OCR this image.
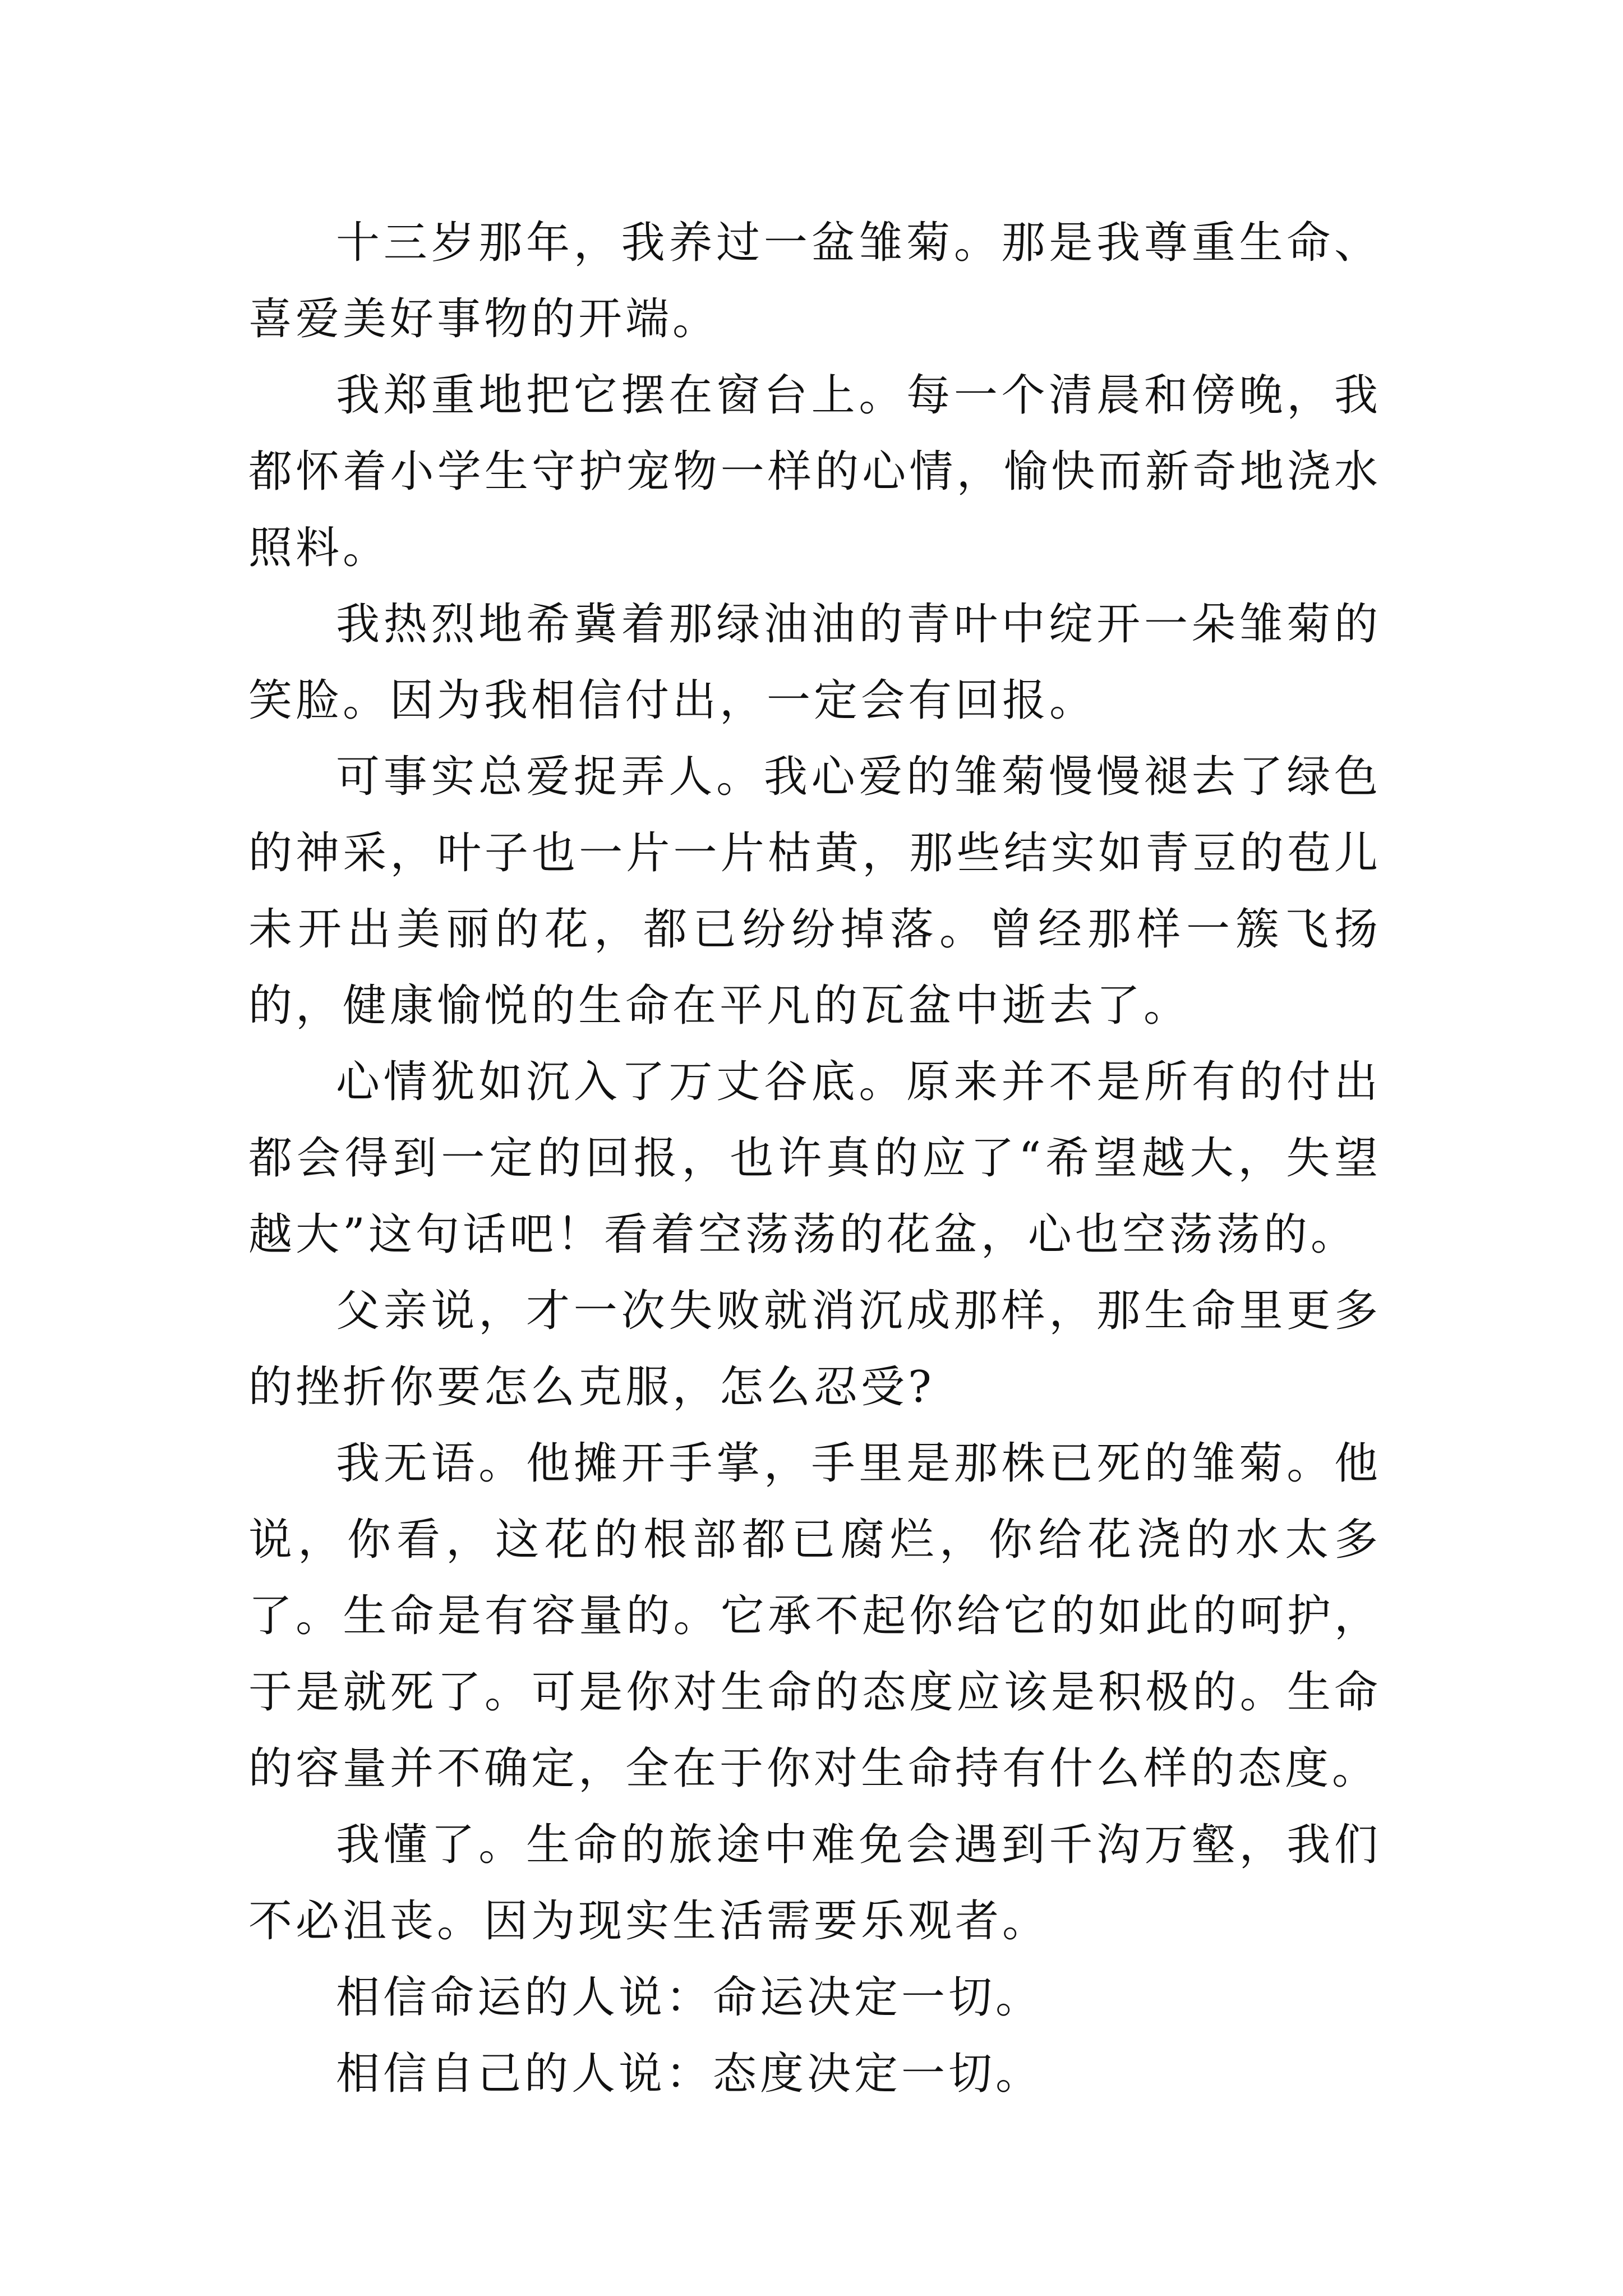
十三岁那年，我养过一盆雏菊。那是我尊重生命、喜爱美好事物的开端。

我郑重地把它摆在窗台上。每一个清晨和傍晚，我都怀着小学生守护宠物一样的心情，愉快而新奇地浇水照料。

我热烈地希冀着那绿油油的青叶中绽开一朵雏菊的笑脸。因为我相信付出，一定会有回报。

可事实总爱捉弄人。我心爱的雏菊慢慢褪去了绿色的神采，叶子也一片一片枯黄，那些结实如青豆的苞儿未开出美丽的花，都已纷纷掉落。曾经那样一簇飞扬的，健康愉悦的生命在平凡的瓦盆中逝去了。

心情犹如沉入了万丈谷底。原来并不是所有的付出都会得到一定的回报，也许真的应了“希望越大，失望越大”这句话吧！看着空荡荡的花盆，心也空荡荡的。

父亲说，才一次失败就消沉成那样，那生命里更多的挫折你要怎么克服，怎么忍受?

我无语。他摊开手掌，手里是那株已死的雏菊。他说，你看，这花的根部都已腐烂，你给花浇的水太多了。生命是有容量的。它承不起你给它的如此的呵护，于是就死了。可是你对生命的态度应该是积极的。生命的容量并不确定，全在于你对生命持有什么样的态度。

我懂了。生命的旅途中难免会遇到千沟万壑，我们不必沮丧。因为现实生活需要乐观者。

相信命运的人说：命运决定一切。

相信自己的人说：态度决定一切。
